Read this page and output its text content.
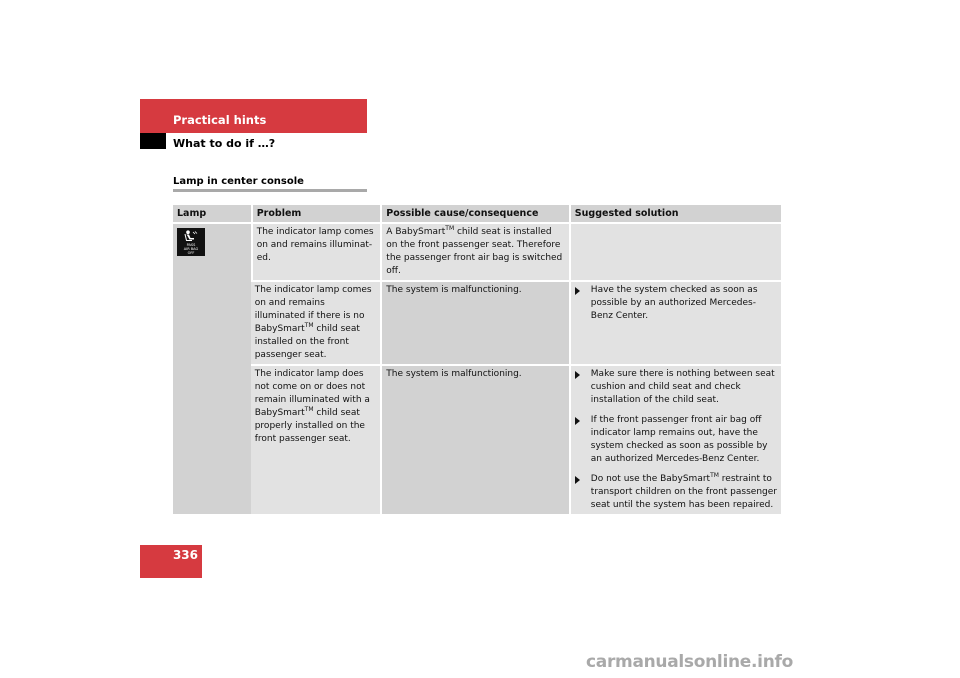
Practical hints
What to do if …?
Lamp in center console
Lamp	Problem	Possible cause/consequence	Suggested solution

PASS
AIR BAG
OFF	The indicator lamp comes on and remains illuminat-ed.	A BabySmart™ child seat is installed on the front passenger seat. Therefore the passenger front air bag is switched off.	
	The indicator lamp comes on and remains illuminated if there is no BabySmart™ child seat installed on the front passenger seat.	The system is malfunctioning.	Have the system checked as soon as possible by an authorized Mercedes-Benz Center.

	The indicator lamp does not come on or does not remain illuminated with a BabySmart™ child seat properly installed on the front passenger seat.	The system is malfunctioning.	Make sure there is nothing between seat cushion and child seat and check installation of the child seat.
If the front passenger front air bag off indicator lamp remains out, have the system checked as soon as possible by an authorized Mercedes-Benz Center.
Do not use the BabySmart™ restraint to transport children on the front passenger seat until the system has been repaired.
336
carmanualsonline.info
